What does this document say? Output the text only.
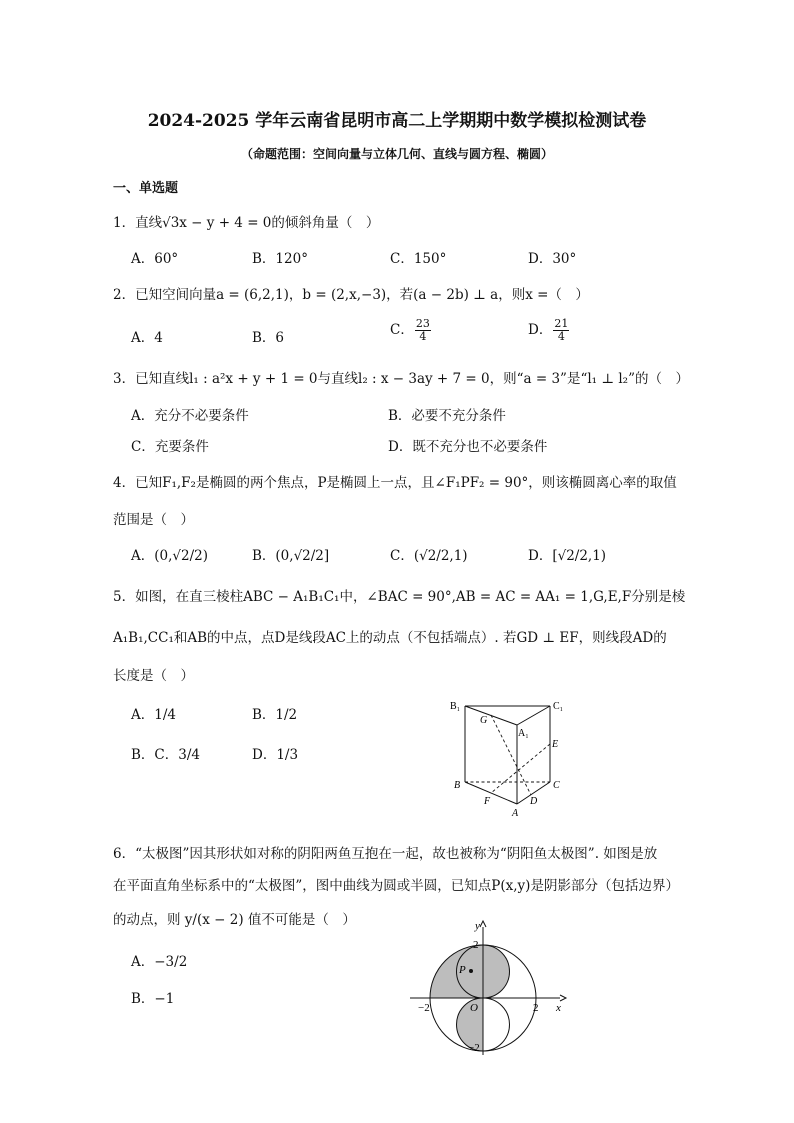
2024-2025 学年云南省昆明市高二上学期期中数学模拟检测试卷
（命题范围：空间向量与立体几何、直线与圆方程、椭圆）
一、单选题
1．直线√3x − y + 4 = 0的倾斜角量（　）
A．60°	B．120°	C．150°	D．30°
2．已知空间向量a = (6,2,1)，b = (2,x,−3)，若(a − 2b) ⊥ a，则x =（　）
A．4	B．6	C． $\frac{23}{4}$	D． $\frac{21}{4}$
3．已知直线l₁ : a²x + y + 1 = 0与直线l₂ : x − 3ay + 7 = 0，则“a = 3”是“l₁ ⊥ l₂”的（　）
A．充分不必要条件	B．必要不充分条件
C．充要条件	D．既不充分也不必要条件
4．已知F₁,F₂是椭圆的两个焦点，P是椭圆上一点，且∠F₁PF₂ = 90°，则该椭圆离心率的取值
范围是（　）
A．(0,√2/2)	B．(0,√2/2]	C．(√2/2,1)	D．[√2/2,1)
5．如图，在直三棱柱ABC − A₁B₁C₁中，∠BAC = 90°,AB = AC = AA₁ = 1,G,E,F分别是棱
A₁B₁,CC₁和AB的中点，点D是线段AC上的动点（不包括端点）. 若GD ⊥ EF，则线段AD的
长度是（　）
A．1/4	B．1/2
B．C．3/4	D．1/3
B₁	C₁
G
A₁
E
B	C
F	D
A
6．“太极图”因其形状如对称的阴阳两鱼互抱在一起，故也被称为“阴阳鱼太极图”. 如图是放
在平面直角坐标系中的“太极图”，图中曲线为圆或半圆，已知点P(x,y)是阴影部分（包括边界）
的动点，则 y/(x − 2) 值不可能是（　）
A．−3/2
B．−1
y
x
2
−2	O	2
−2
P
